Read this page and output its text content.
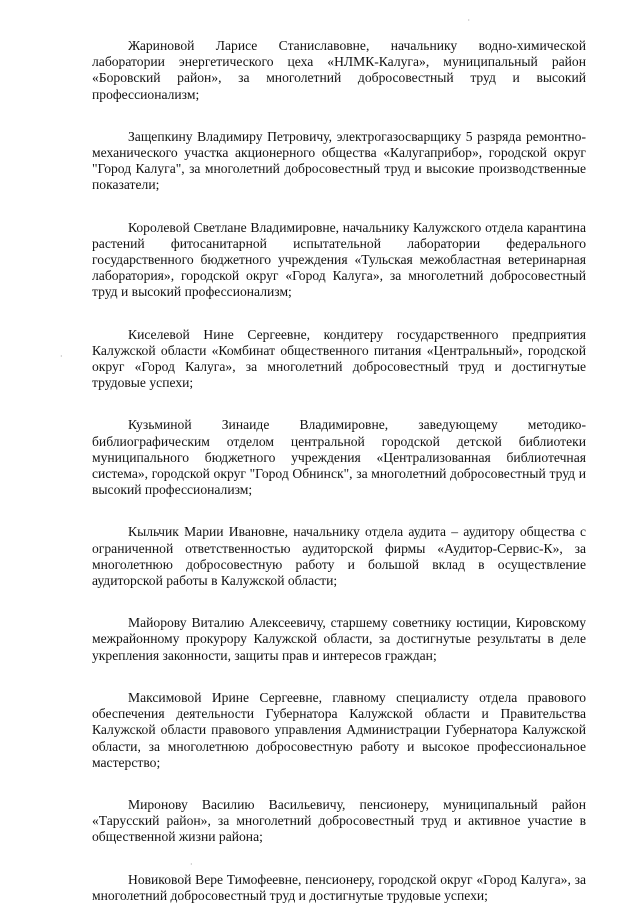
·
·
·

Жариновой Ларисе Станиславовне, начальнику водно-химической лаборатории энергетического цеха «НЛМК-Калуга», муниципальный район «Боровский район», за многолетний добросовестный труд и высокий профессионализм;

Защепкину Владимиру Петровичу, электрогазосварщику 5 разряда ремонтно-механического участка акционерного общества «Калугаприбор», городской округ "Город Калуга", за многолетний добросовестный труд и высокие производственные показатели;

Королевой Светлане Владимировне, начальнику Калужского отдела карантина растений фитосанитарной испытательной лаборатории федерального государственного бюджетного учреждения «Тульская межобластная ветеринарная лаборатория», городской округ «Город Калуга», за многолетний добросовестный труд и высокий профессионализм;

Киселевой Нине Сергеевне, кондитеру государственного предприятия Калужской области «Комбинат общественного питания «Центральный», городской округ «Город Калуга», за многолетний добросовестный труд и достигнутые трудовые успехи;

Кузьминой Зинаиде Владимировне, заведующему методико-библиографическим отделом центральной городской детской библиотеки муниципального бюджетного учреждения «Централизованная библиотечная система», городской округ "Город Обнинск", за многолетний добросовестный труд и высокий профессионализм;

Кыльчик Марии Ивановне, начальнику отдела аудита – аудитору общества с ограниченной ответственностью аудиторской фирмы «Аудитор-Сервис-К», за многолетнюю добросовестную работу и большой вклад в осуществление аудиторской работы в Калужской области;

Майорову Виталию Алексеевичу, старшему советнику юстиции, Кировскому межрайонному прокурору Калужской области, за достигнутые результаты в деле укрепления законности, защиты прав и интересов граждан;

Максимовой Ирине Сергеевне, главному специалисту отдела правового обеспечения деятельности Губернатора Калужской области и Правительства Калужской области правового управления Администрации Губернатора Калужской области, за многолетнюю добросовестную работу и высокое профессиональное мастерство;

Миронову Василию Васильевичу, пенсионеру, муниципальный район «Тарусский район», за многолетний добросовестный труд и активное участие в общественной жизни района;

Новиковой Вере Тимофеевне, пенсионеру, городской округ «Город Калуга», за многолетний добросовестный труд и достигнутые трудовые успехи;
